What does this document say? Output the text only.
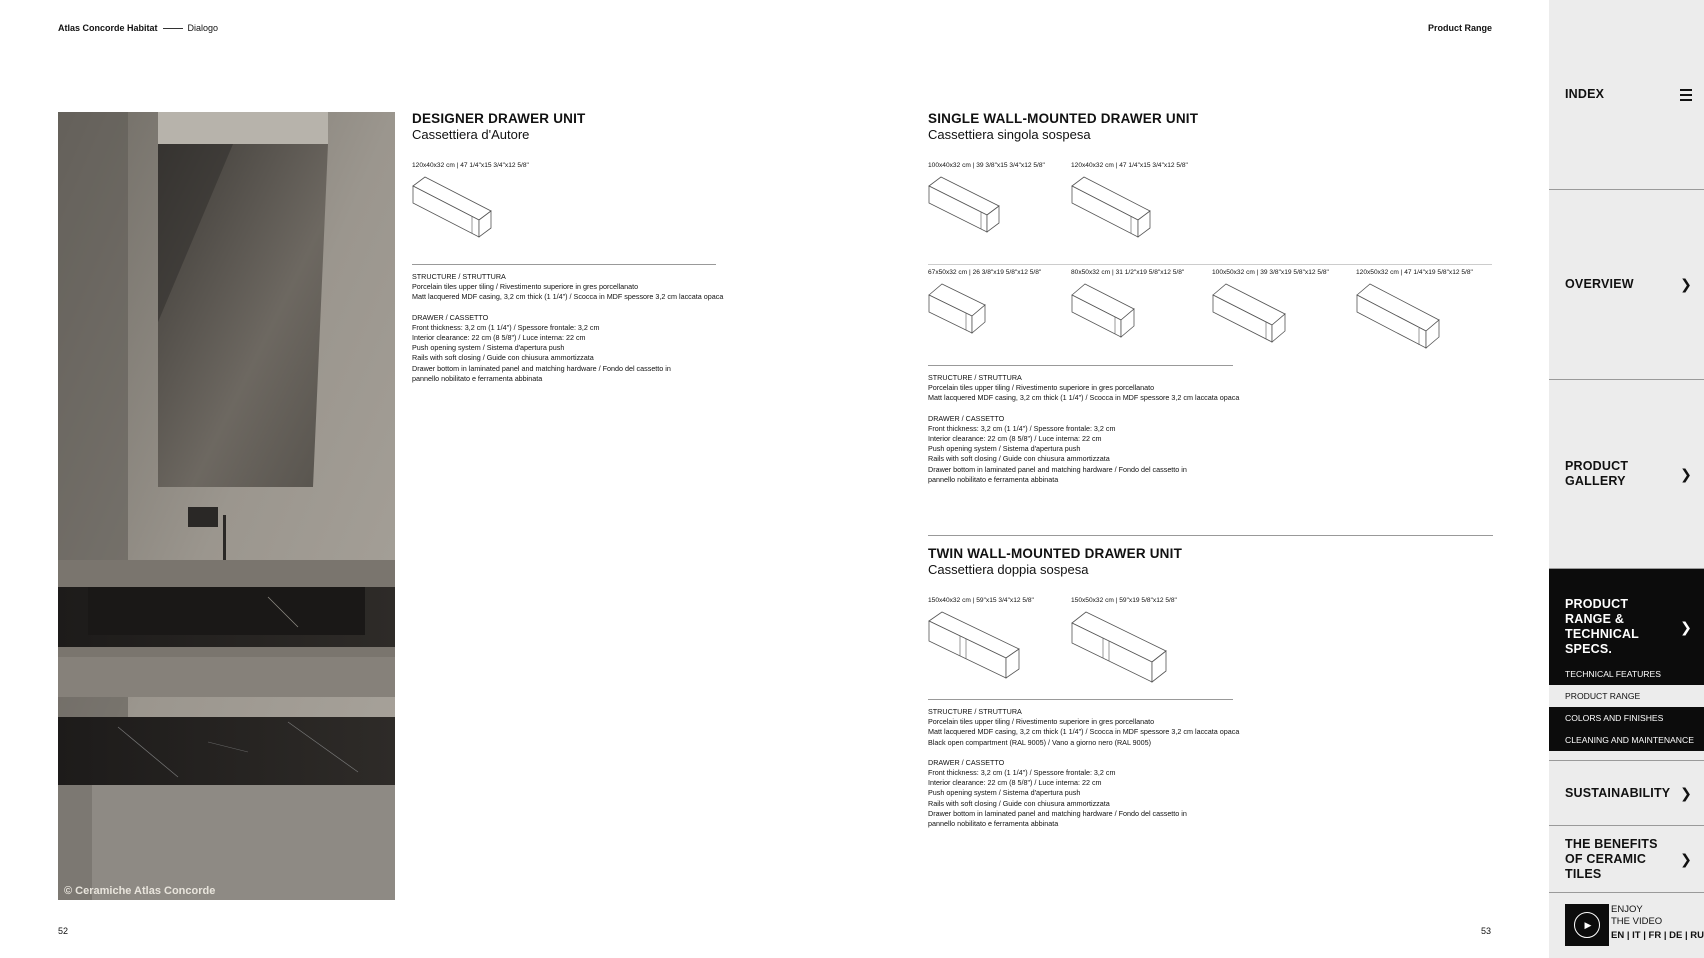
Atlas Concorde Habitat	Dialogo	Product Range
© Ceramiche Atlas Concorde
DESIGNER DRAWER UNIT
Cassettiera d'Autore
120x40x32 cm | 47 1/4"x15 3/4"x12 5/8"
STRUCTURE / STRUTTURA
Porcelain tiles upper tiling / Rivestimento superiore in gres porcellanato
Matt lacquered MDF casing, 3,2 cm thick (1 1/4") / Scocca in MDF spessore 3,2 cm laccata opaca
DRAWER / CASSETTO
Front thickness: 3,2 cm (1 1/4") / Spessore frontale: 3,2 cm
Interior clearance: 22 cm (8 5/8") / Luce interna: 22 cm
Push opening system / Sistema d'apertura push
Rails with soft closing / Guide con chiusura ammortizzata
Drawer bottom in laminated panel and matching hardware / Fondo del cassetto in
pannello nobilitato e ferramenta abbinata
SINGLE WALL-MOUNTED DRAWER UNIT
Cassettiera singola sospesa
100x40x32 cm | 39 3/8"x15 3/4"x12 5/8"	120x40x32 cm | 47 1/4"x15 3/4"x12 5/8"
67x50x32 cm | 26 3/8"x19 5/8"x12 5/8"	80x50x32 cm | 31 1/2"x19 5/8"x12 5/8"	100x50x32 cm | 39 3/8"x19 5/8"x12 5/8"	120x50x32 cm | 47 1/4"x19 5/8"x12 5/8"
STRUCTURE / STRUTTURA
Porcelain tiles upper tiling / Rivestimento superiore in gres porcellanato
Matt lacquered MDF casing, 3,2 cm thick (1 1/4") / Scocca in MDF spessore 3,2 cm laccata opaca
DRAWER / CASSETTO
Front thickness: 3,2 cm (1 1/4") / Spessore frontale: 3,2 cm
Interior clearance: 22 cm (8 5/8") / Luce interna: 22 cm
Push opening system / Sistema d'apertura push
Rails with soft closing / Guide con chiusura ammortizzata
Drawer bottom in laminated panel and matching hardware / Fondo del cassetto in
pannello nobilitato e ferramenta abbinata
TWIN WALL-MOUNTED DRAWER UNIT
Cassettiera doppia sospesa
150x40x32 cm | 59"x15 3/4"x12 5/8"	150x50x32 cm | 59"x19 5/8"x12 5/8"
STRUCTURE / STRUTTURA
Porcelain tiles upper tiling / Rivestimento superiore in gres porcellanato
Matt lacquered MDF casing, 3,2 cm thick (1 1/4") / Scocca in MDF spessore 3,2 cm laccata opaca
Black open compartment (RAL 9005) / Vano a giorno nero (RAL 9005)
DRAWER / CASSETTO
Front thickness: 3,2 cm (1 1/4") / Spessore frontale: 3,2 cm
Interior clearance: 22 cm (8 5/8") / Luce interna: 22 cm
Push opening system / Sistema d'apertura push
Rails with soft closing / Guide con chiusura ammortizzata
Drawer bottom in laminated panel and matching hardware / Fondo del cassetto in
pannello nobilitato e ferramenta abbinata
52	53
INDEX
OVERVIEW	❯
PRODUCT GALLERY	❯
PRODUCT RANGE & TECHNICAL SPECS.
❯
TECHNICAL FEATURES
PRODUCT RANGE
COLORS AND FINISHES
CLEANING AND MAINTENANCE
SUSTAINABILITY ❯
THE BENEFITS OF CERAMIC TILES
❯
▶
ENJOY
THE VIDEO
EN | IT | FR | DE | RU
